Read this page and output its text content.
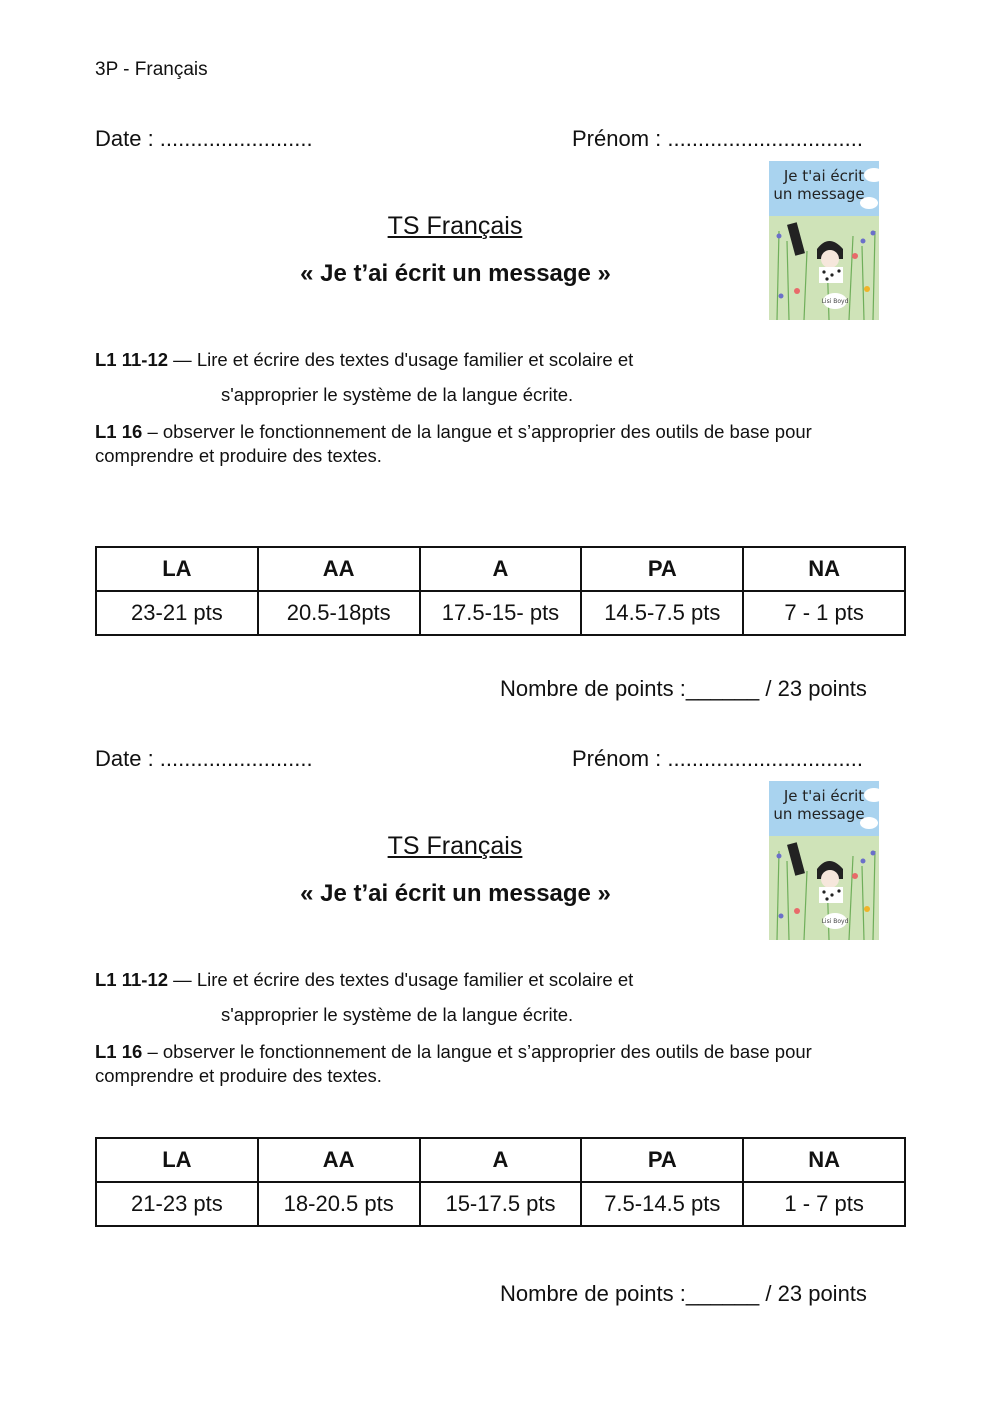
3P - Français
Date : .........................	Prénom : ................................
TS Français
« Je t’ai écrit un message »
Je t'ai écrit
un message
Lisi Boyd
L1 11-12 — Lire et écrire des textes d'usage familier et scolaire et
s'approprier le système de la langue écrite.
L1 16 – observer le fonctionnement de la langue et s’approprier des outils de base pour comprendre et produire des textes.
LA	AA	A	PA	NA
23-21 pts	20.5-18pts	17.5-15- pts	14.5-7.5 pts	7 - 1 pts
Nombre de points :______ / 23 points
Date : .........................	Prénom : ................................
TS Français
« Je t’ai écrit un message »
Je t'ai écrit
un message
Lisi Boyd
L1 11-12 — Lire et écrire des textes d'usage familier et scolaire et
s'approprier le système de la langue écrite.
L1 16 – observer le fonctionnement de la langue et s’approprier des outils de base pour comprendre et produire des textes.
LA	AA	A	PA	NA
21-23 pts	18-20.5 pts	15-17.5 pts	7.5-14.5 pts	1 - 7 pts
Nombre de points :______ / 23 points
